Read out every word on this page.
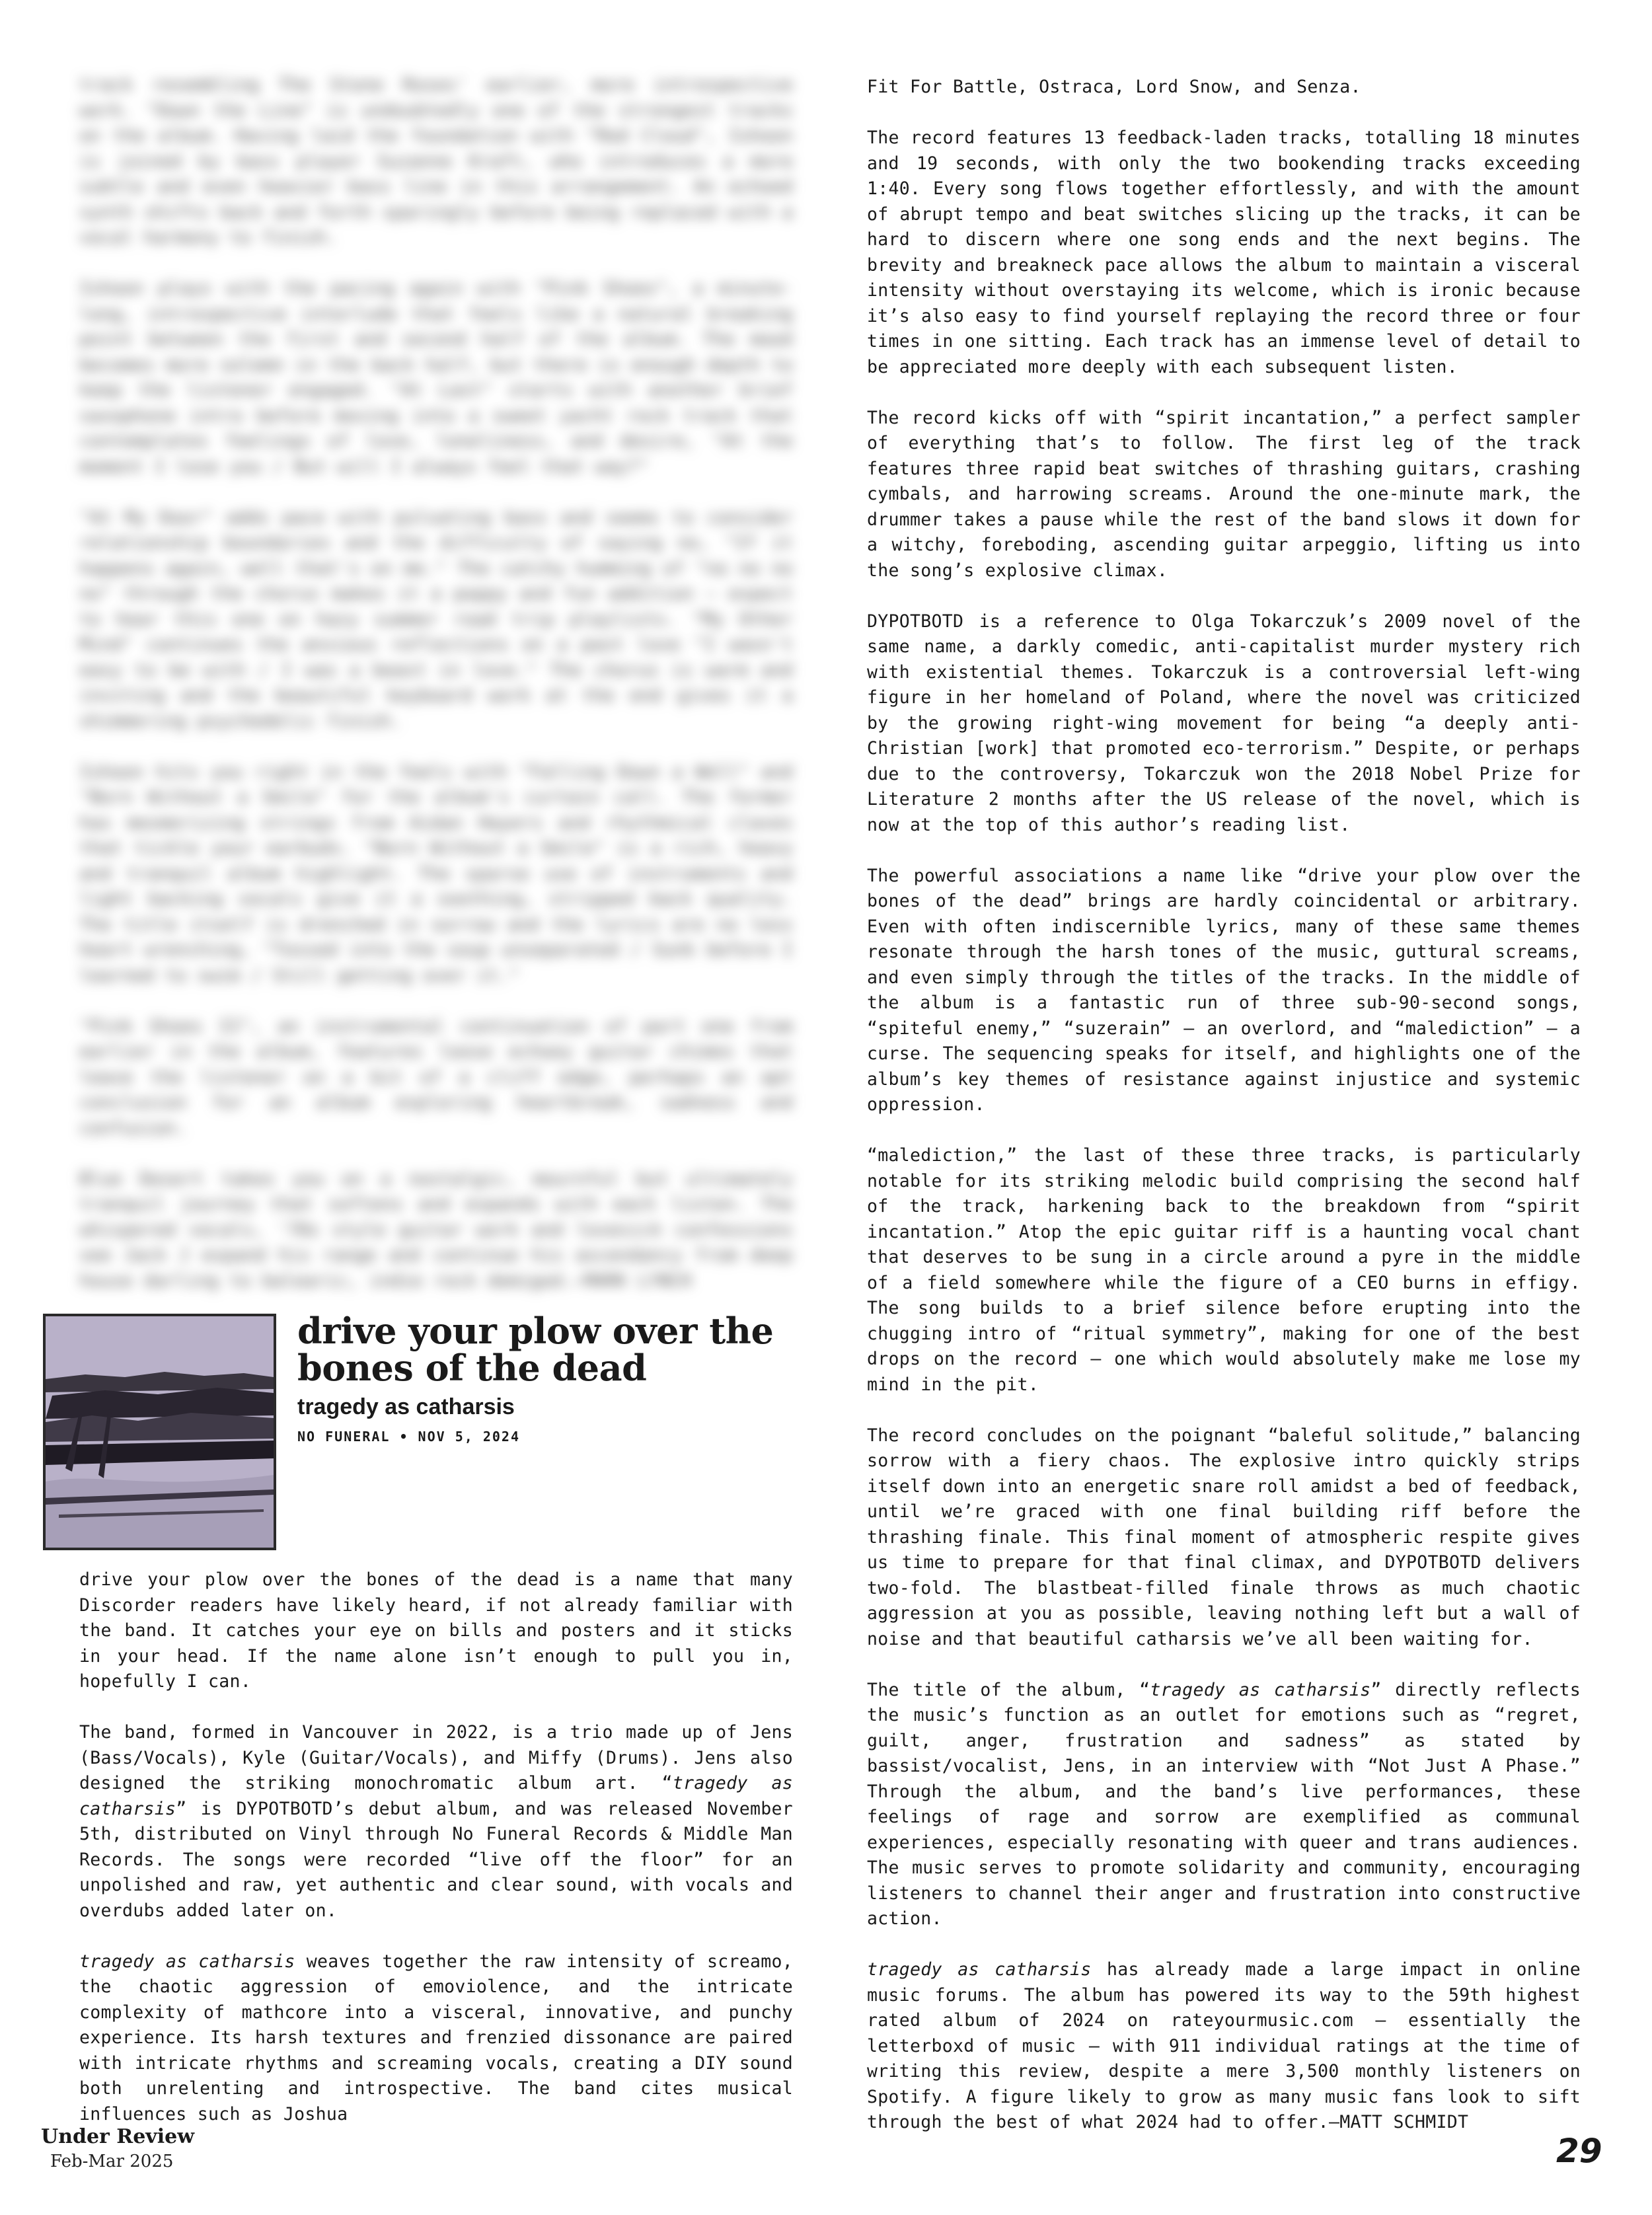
track resembling The Stone Roses' earlier, more introspective work. "Down the Line" is undoubtedly one of the strongest tracks on the album. Having laid the foundation with "Red Cloud", Ishoon is joined by bass player Suzanne Kraft, who introduces a more subtle and even heavier bass line in this arrangement. An echoed synth shifts back and forth sparingly before being replaced with a vocal harmony to finish.

Ishoon plays with the pacing again with "Pink Shoes", a minute-long, introspective interlude that feels like a natural breaking point between the first and second half of the album. The mood becomes more solemn in the back half, but there is enough depth to keep the listener engaged. "At Last" starts with another brief saxophone intro before moving into a sweet yacht rock track that contemplates feelings of love, loneliness, and desire, "At the moment I lose you / But will I always feel that way?"

"At My Door" adds pace with pulsating bass and seems to consider relationship boundaries and the difficulty of saying no, "If it happens again, well that's on me." The catchy humming of "no no no no" through the chorus makes it a poppy and fun addition — expect to hear this one on hazy summer road trip playlists. "My Other Mind" continues the anxious reflections on a past love "I wasn't easy to be with / I was a beast in love." The chorus is warm and inviting and the beautiful keyboard work at the end gives it a shimmering psychedelic finish.

Ishoon hits you right in the feels with "Falling Down a Well" and "Born Without a Smile" for the album's curtain call. The former has mesmerizing strings from Aidan Hayers and rhythmical claves that tickle your earbuds. "Born Without a Smile" is a rich, heavy and tranquil album highlight. The sparse use of instruments and light backing vocals give it a soothing, stripped back quality. The title itself is drenched in sorrow and the lyrics are no less heart wrenching, "Tossed into the soup unseparated / Sunk before I learned to swim / Still getting over it."

"Pink Shoes II", an instrumental continuation of part one from earlier in the album, features loose echoey guitar chimes that leave the listener on a bit of a cliff edge, perhaps an apt conclusion for an album exploring heartbreak, sadness and confusion.

Blue Desert takes you on a nostalgic, mournful but ultimately tranquil journey that softens and expands with each listen. The whispered vocals, '70s style guitar work and lovesick confessions see Jack J expand his range and continue his ascendancy from deep house darling to balearic, indie rock demigod.—MARK LYNCH

drive your plow over the bones of the dead
tragedy as catharsis
NO FUNERAL • NOV 5, 2024

drive your plow over the bones of the dead is a name that many Discorder readers have likely heard, if not already familiar with the band. It catches your eye on bills and posters and it sticks in your head. If the name alone isn’t enough to pull you in, hopefully I can.

The band, formed in Vancouver in 2022, is a trio made up of Jens (Bass/Vocals), Kyle (Guitar/Vocals), and Miffy (Drums). Jens also designed the striking monochromatic album art. “tragedy as catharsis” is DYPOTBOTD’s debut album, and was released November 5th, distributed on Vinyl through No Funeral Records & Middle Man Records. The songs were recorded “live off the floor” for an unpolished and raw, yet authentic and clear sound, with vocals and overdubs added later on.

tragedy as catharsis weaves together the raw intensity of screamo, the chaotic aggression of emoviolence, and the intricate complexity of mathcore into a visceral, innovative, and punchy experience. Its harsh textures and frenzied dissonance are paired with intricate rhythms and screaming vocals, creating a DIY sound both unrelenting and introspective. The band cites musical influences such as Joshua

Fit For Battle, Ostraca, Lord Snow, and Senza.

The record features 13 feedback-laden tracks, totalling 18 minutes and 19 seconds, with only the two bookending tracks exceeding 1:40. Every song flows together effortlessly, and with the amount of abrupt tempo and beat switches slicing up the tracks, it can be hard to discern where one song ends and the next begins. The brevity and breakneck pace allows the album to maintain a visceral intensity without overstaying its welcome, which is ironic because it’s also easy to find yourself replaying the record three or four times in one sitting. Each track has an immense level of detail to be appreciated more deeply with each subsequent listen.

The record kicks off with “spirit incantation,” a perfect sampler of everything that’s to follow. The first leg of the track features three rapid beat switches of thrashing guitars, crashing cymbals, and harrowing screams. Around the one-minute mark, the drummer takes a pause while the rest of the band slows it down for a witchy, foreboding, ascending guitar arpeggio, lifting us into the song’s explosive climax.

DYPOTBOTD is a reference to Olga Tokarczuk’s 2009 novel of the same name, a darkly comedic, anti-capitalist murder mystery rich with existential themes. Tokarczuk is a controversial left-wing figure in her homeland of Poland, where the novel was criticized by the growing right-wing movement for being “a deeply anti-Christian [work] that promoted eco-terrorism.” Despite, or perhaps due to the controversy, Tokarczuk won the 2018 Nobel Prize for Literature 2 months after the US release of the novel, which is now at the top of this author’s reading list.

The powerful associations a name like “drive your plow over the bones of the dead” brings are hardly coincidental or arbitrary. Even with often indiscernible lyrics, many of these same themes resonate through the harsh tones of the music, guttural screams, and even simply through the titles of the tracks. In the middle of the album is a fantastic run of three sub-90-second songs, “spiteful enemy,” “suzerain” — an overlord, and “malediction” — a curse. The sequencing speaks for itself, and highlights one of the album’s key themes of resistance against injustice and systemic oppression.

“malediction,” the last of these three tracks, is particularly notable for its striking melodic build comprising the second half of the track, harkening back to the breakdown from “spirit incantation.” Atop the epic guitar riff is a haunting vocal chant that deserves to be sung in a circle around a pyre in the middle of a field somewhere while the figure of a CEO burns in effigy. The song builds to a brief silence before erupting into the chugging intro of “ritual symmetry”, making for one of the best drops on the record — one which would absolutely make me lose my mind in the pit.

The record concludes on the poignant “baleful solitude,” balancing sorrow with a fiery chaos. The explosive intro quickly strips itself down into an energetic snare roll amidst a bed of feedback, until we’re graced with one final building riff before the thrashing finale. This final moment of atmospheric respite gives us time to prepare for that final climax, and DYPOTBOTD delivers two-fold. The blastbeat-filled finale throws as much chaotic aggression at you as possible, leaving nothing left but a wall of noise and that beautiful catharsis we’ve all been waiting for.

The title of the album, “tragedy as catharsis” directly reflects the music’s function as an outlet for emotions such as “regret, guilt, anger, frustration and sadness” as stated by bassist/vocalist, Jens, in an interview with “Not Just A Phase.” Through the album, and the band’s live performances, these feelings of rage and sorrow are exemplified as communal experiences, especially resonating with queer and trans audiences. The music serves to promote solidarity and community, encouraging listeners to channel their anger and frustration into constructive action.

tragedy as catharsis has already made a large impact in online music forums. The album has powered its way to the 59th highest rated album of 2024 on rateyourmusic.com — essentially the letterboxd of music — with 911 individual ratings at the time of writing this review, despite a mere 3,500 monthly listeners on Spotify. A figure likely to grow as many music fans look to sift through the best of what 2024 had to offer.—MATT SCHMIDT

Under Review
Feb-Mar 2025	29
